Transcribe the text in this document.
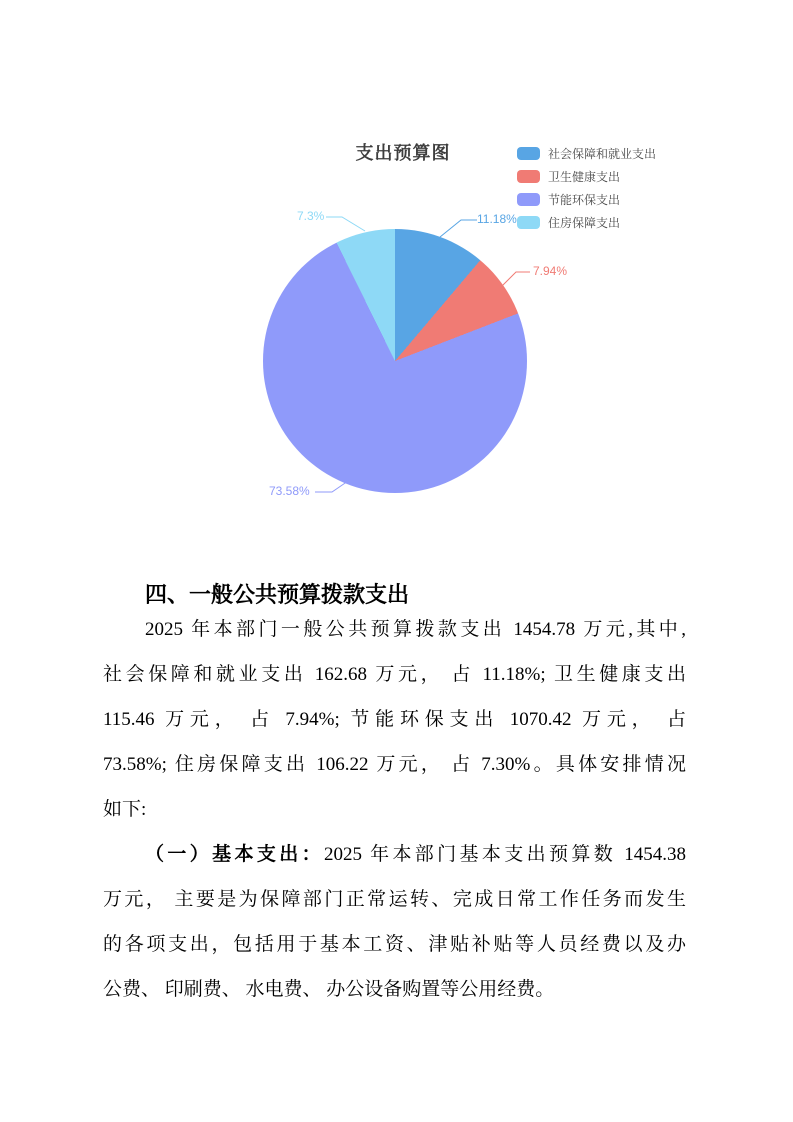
支出预算图	社会保障和就业支出
卫生健康支出
节能环保支出
住房保障支出
11.18%
7.94%
73.58%
7.3%
四、一般公共预算拨款支出
2025 年本部门一般公共预算拨款支出 1454.78 万元,其中,
社会保障和就业支出 162.68 万元， 占 11.18%; 卫生健康支出
115.46 万元， 占 7.94%; 节能环保支出 1070.42 万元， 占
73.58%; 住房保障支出 106.22 万元， 占 7.30%。具体安排情况
如下:
（一）基本支出：2025 年本部门基本支出预算数 1454.38
万元， 主要是为保障部门正常运转、完成日常工作任务而发生
的各项支出，包括用于基本工资、津贴补贴等人员经费以及办
公费、 印刷费、 水电费、 办公设备购置等公用经费。
